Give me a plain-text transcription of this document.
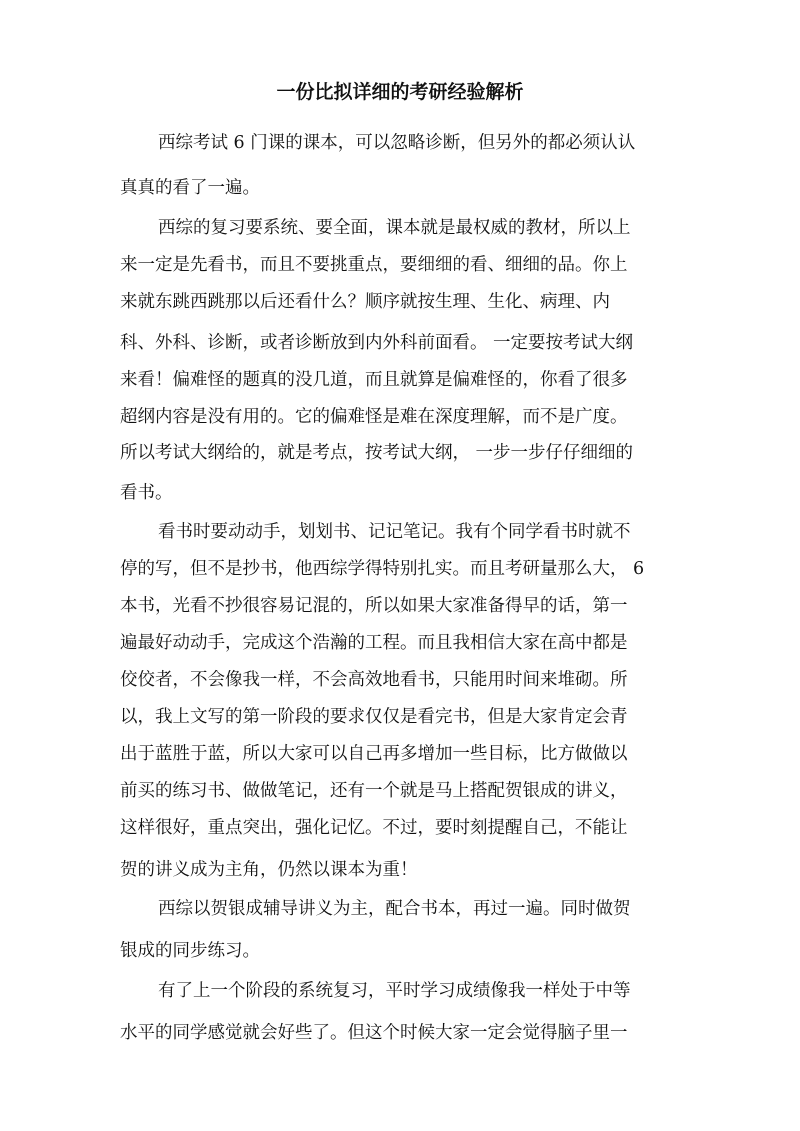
一份比拟详细的考研经验解析
西综考试 6 门课的课本，可以忽略诊断，但另外的都必须认认
真真的看了一遍。
西综的复习要系统、要全面，课本就是最权威的教材，所以上
来一定是先看书，而且不要挑重点，要细细的看、细细的品。你上
来就东跳西跳那以后还看什么？顺序就按生理、生化、病理、内
科、外科、诊断，或者诊断放到内外科前面看。 一定要按考试大纲
来看！偏难怪的题真的没几道，而且就算是偏难怪的，你看了很多
超纲内容是没有用的。它的偏难怪是难在深度理解，而不是广度。
所以考试大纲给的，就是考点，按考试大纲， 一步一步仔仔细细的
看书。
看书时要动动手，划划书、记记笔记。我有个同学看书时就不
停的写，但不是抄书，他西综学得特别扎实。而且考研量那么大， 6
本书，光看不抄很容易记混的，所以如果大家准备得早的话，第一
遍最好动动手，完成这个浩瀚的工程。而且我相信大家在高中都是
佼佼者，不会像我一样，不会高效地看书，只能用时间来堆砌。所
以，我上文写的第一阶段的要求仅仅是看完书，但是大家肯定会青
出于蓝胜于蓝，所以大家可以自己再多增加一些目标，比方做做以
前买的练习书、做做笔记，还有一个就是马上搭配贺银成的讲义，
这样很好，重点突出，强化记忆。不过，要时刻提醒自己，不能让
贺的讲义成为主角，仍然以课本为重！
西综以贺银成辅导讲义为主，配合书本，再过一遍。同时做贺
银成的同步练习。
有了上一个阶段的系统复习，平时学习成绩像我一样处于中等
水平的同学感觉就会好些了。但这个时候大家一定会觉得脑子里一
